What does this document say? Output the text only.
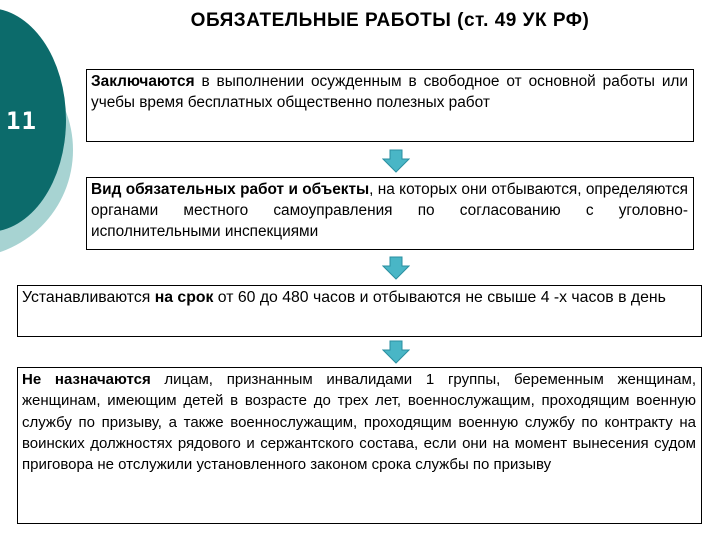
11
ОБЯЗАТЕЛЬНЫЕ РАБОТЫ (ст. 49 УК РФ)
Заключаются в выполнении осужденным в свободное от основной работы или учебы время бесплатных общественно полезных работ
Вид обязательных работ и объекты, на которых они отбываются, определяются органами местного самоуправления по согласованию с уголовно-исполнительными инспекциями
Устанавливаются на срок от 60 до 480 часов и отбываются не свыше 4 -х часов в день
Не назначаются лицам, признанным инвалидами 1 группы, беременным женщинам, женщинам, имеющим детей в возрасте до трех лет, военнослужащим, проходящим военную службу по призыву, а также военнослужащим, проходящим военную службу по контракту на воинских должностях рядового и сержантского состава, если они на момент вынесения судом приговора не отслужили установленного законом срока службы по призыву
